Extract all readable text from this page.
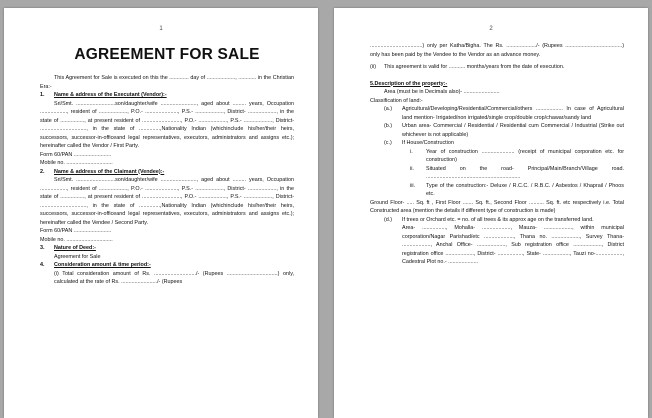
1
AGREEMENT FOR SALE

This Agreement for Sale is executed on this the ............. day of ..................., ............ in the Christian Era:-

1.	Name & address of the Executant (Vendor):-

Sri/Smt. ..........................son/daughter/wife ........................, aged about ......... years, Occupation .................., resident of ..................., P.O.- ......................, P.S.- ..................., District- ..................., in the state of ................, at present resident of .........................., P.O.- ..................., P.S.- ..................., District- ..............................., in the state of ..............,Nationality Indian (whichinclude his/her/their heirs, successors, successor-in-officeand legal representatives, executors, administrators and assigns etc.); hereinafter called the Vendor / First Party.

Form 60/PAN .........................

Mobile no. ...............................

2.	Name & address of the Claimant (Vendee):-

Sri/Smt. ..........................son/daughter/wife ........................, aged about ......... years, Occupation .................., resident of ..................., P.O.- ......................, P.S.- ..................., District- ..................., in the state of ................, at present resident of .........................., P.O.- ..................., P.S.- ..................., District- ..............................., in the state of ..............,Nationality Indian (whichinclude his/her/their heirs, successors, successor-in-officeand legal representatives, executors, administrators and assigns etc.); hereinafter called the Vendee / Second Party.

Form 60/PAN .........................

Mobile no. ...............................

3.	Nature of Deed:-

Agreement for Sale

4.	Consideration amount & time period:-

(i) Total consideration amount of Rs. ............................/- (Rupees ..................................) only, calculated at the rate of Rs. ......................../- (Rupees

2

...................................) only per Katha/Bigha. The Rs. ..................../- (Rupees ......................................) only has been paid by the Vendee to the Vendor as an advance money.

(ii)	This agreement is valid for ........... months/years from the date of execution.

5.Description of the property:-

Area (must be in Decimals also)- ........................

Classification of land:-

(a.)	Agricultural/Developing/Residential/Commercial/others .................. In case of Agricultural land mention- Irrigated/non irrigated/single crop/double crop/chawar/sandy land
(b.)	Urban area- Commercial / Residential / Residential cum Commercial / Industrial (Strike out whichever is not applicable)
(c.)	If House/Construction
i.	Year of construction ...................... (receipt of municipal corporation etc. for construction)
ii.	Situated on the road- Principal/Main/Branch/Village road. ...............................................................
iii.	Type of the construction:- Deluxe / R.C.C. / R.B.C. / Asbestos / Khaprail / Phoos etc.

Ground Floor- ..... Sq. ft , First Floor ....... Sq. ft., Second Floor .......... Sq. ft. etc respectively i.e. Total Constructed area (mention the details if different type of construction is made)

(d.)	If trees or Orchard etc. = no. of all trees & its approx age on the transferred land.

Area- ................, Mohalla- ..................., Mauza- ..................., within municipal corporation/Nagar Parishad/etc ...................., Thana no. ..................., Survey Thana- ..................., Anchal Office- ..................., Sub registration office ..................., District registration office ..................., District- ................., State- .................., Tauzi no-.................., Cadestral Plot no.- ....................
